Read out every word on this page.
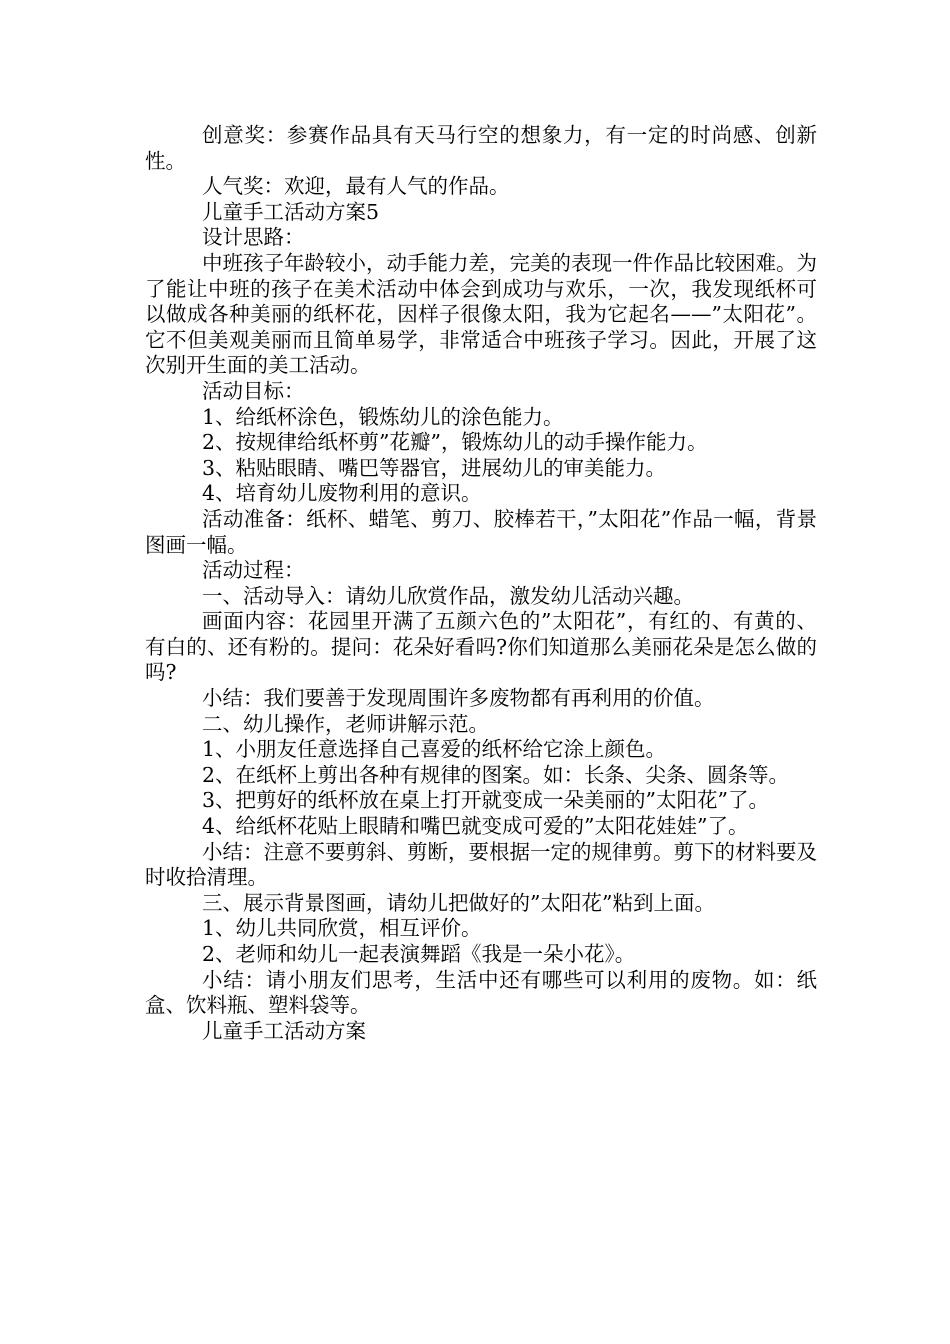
创意奖：参赛作品具有天马行空的想象力，有一定的时尚感、创新性。

人气奖：欢迎，最有人气的作品。

儿童手工活动方案5

设计思路：

中班孩子年龄较小，动手能力差，完美的表现一件作品比较困难。为了能让中班的孩子在美术活动中体会到成功与欢乐，一次，我发现纸杯可以做成各种美丽的纸杯花，因样子很像太阳，我为它起名——”太阳花”。它不但美观美丽而且简单易学，非常适合中班孩子学习。因此，开展了这次别开生面的美工活动。

活动目标：

1、给纸杯涂色，锻炼幼儿的涂色能力。

2、按规律给纸杯剪”花瓣”，锻炼幼儿的动手操作能力。

3、粘贴眼睛、嘴巴等器官，进展幼儿的审美能力。

4、培育幼儿废物利用的意识。

活动准备：纸杯、蜡笔、剪刀、胶棒若干，”太阳花”作品一幅，背景图画一幅。

活动过程：

一、活动导入：请幼儿欣赏作品，激发幼儿活动兴趣。

画面内容：花园里开满了五颜六色的”太阳花”，有红的、有黄的、有白的、还有粉的。提问：花朵好看吗?你们知道那么美丽花朵是怎么做的吗?

小结：我们要善于发现周围许多废物都有再利用的价值。

二、幼儿操作，老师讲解示范。

1、小朋友任意选择自己喜爱的纸杯给它涂上颜色。

2、在纸杯上剪出各种有规律的图案。如：长条、尖条、圆条等。

3、把剪好的纸杯放在桌上打开就变成一朵美丽的”太阳花”了。

4、给纸杯花贴上眼睛和嘴巴就变成可爱的”太阳花娃娃”了。

小结：注意不要剪斜、剪断，要根据一定的规律剪。剪下的材料要及时收拾清理。

三、展示背景图画，请幼儿把做好的”太阳花”粘到上面。

1、幼儿共同欣赏，相互评价。

2、老师和幼儿一起表演舞蹈《我是一朵小花》。

小结：请小朋友们思考，生活中还有哪些可以利用的废物。如：纸盒、饮料瓶、塑料袋等。

儿童手工活动方案
